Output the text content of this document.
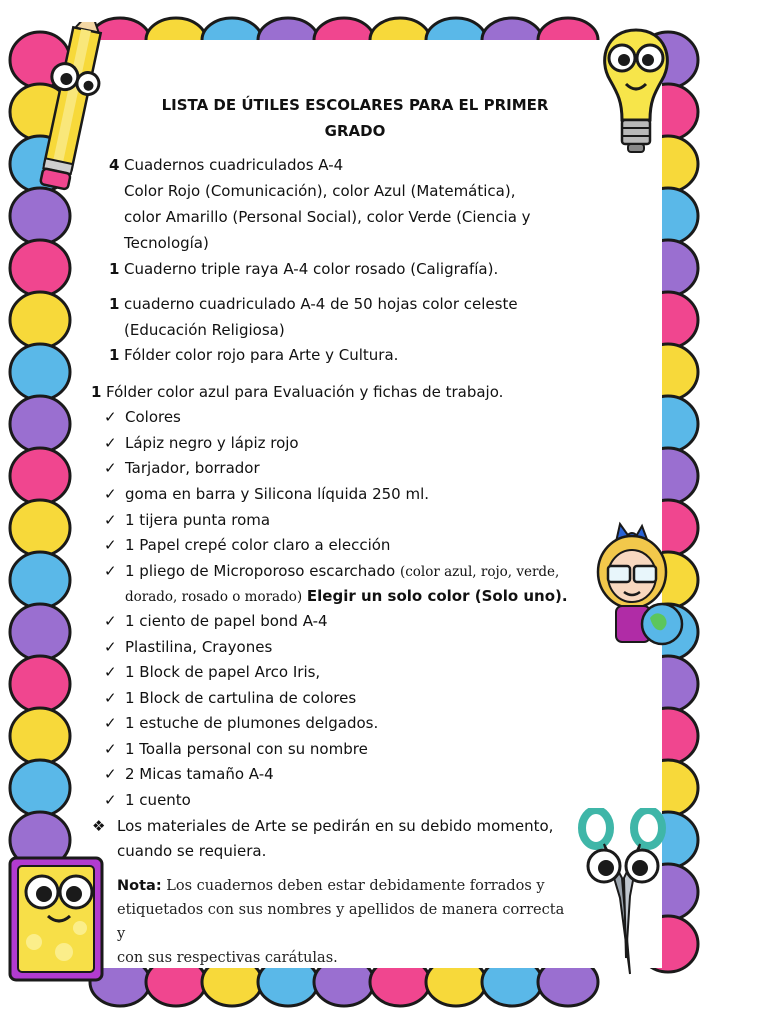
LISTA DE ÚTILES ESCOLARES PARA EL PRIMER
GRADO
4 Cuadernos cuadriculados A-4
Color Rojo (Comunicación), color Azul (Matemática),
color Amarillo (Personal Social), color Verde (Ciencia y
Tecnología)
1 Cuaderno triple raya A-4 color rosado (Caligrafía).
1 cuaderno cuadriculado A-4 de 50 hojas color celeste
(Educación Religiosa)
1 Fólder color rojo para Arte y Cultura.
1 Fólder color azul para Evaluación y fichas de trabajo.
✓ Colores
✓ Lápiz negro y lápiz rojo
✓ Tarjador, borrador
✓ goma en barra y Silicona líquida 250 ml.
✓ 1 tijera punta roma
✓ 1 Papel crepé color claro a elección
✓ 1 pliego de Microporoso escarchado (color azul, rojo, verde,
dorado, rosado o morado) Elegir un solo color (Solo uno).
✓ 1 ciento de papel bond A-4
✓ Plastilina, Crayones
✓ 1 Block de papel Arco Iris,
✓ 1 Block de cartulina de colores
✓ 1 estuche de plumones delgados.
✓ 1 Toalla personal con su nombre
✓ 2 Micas tamaño A-4
✓ 1 cuento
❖ Los materiales de Arte se pedirán en su debido momento,
cuando se requiera.
Nota: Los cuadernos deben estar debidamente forrados y
etiquetados con sus nombres y apellidos de manera correcta y
con sus respectivas carátulas.
